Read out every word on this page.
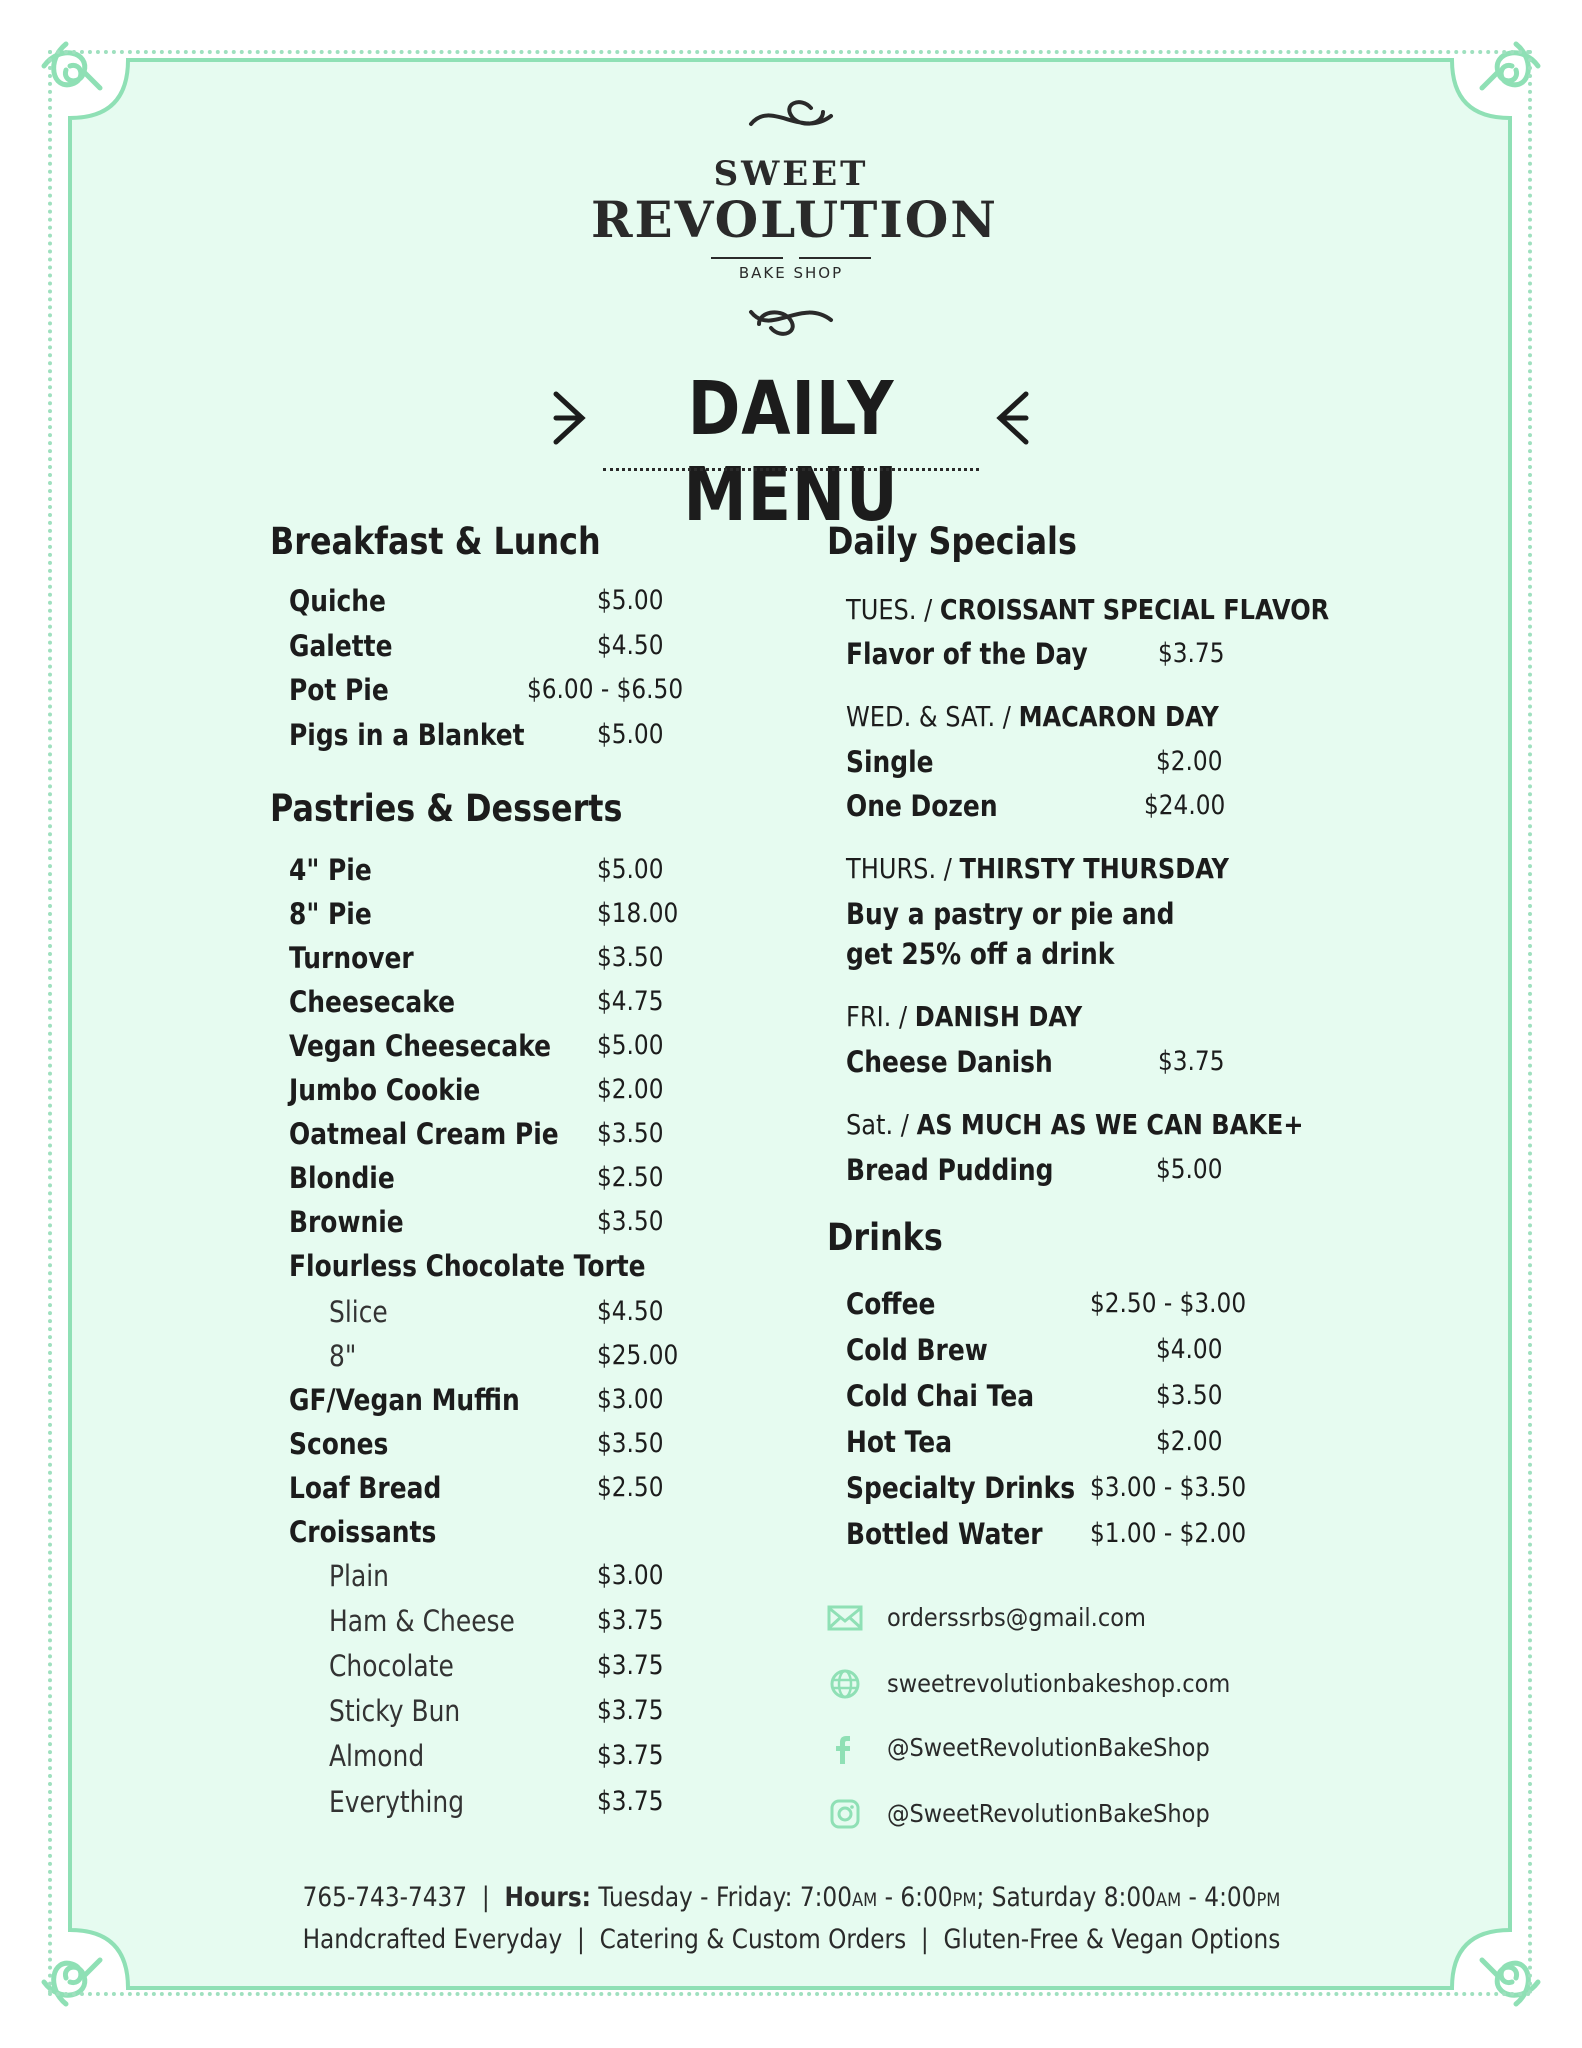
SWEET
REVOLUTION
BAKE SHOP
DAILY MENU
Breakfast & Lunch
Quiche	$5.00
Galette	$4.50
Pot Pie	$6.00 - $6.50
Pigs in a Blanket	$5.00
Pastries & Desserts
4" Pie	$5.00
8" Pie	$18.00
Turnover	$3.50
Cheesecake	$4.75
Vegan Cheesecake $5.00
Jumbo Cookie	$2.00
Oatmeal Cream Pie $3.50
Blondie	$2.50
Brownie	$3.50
Flourless Chocolate Torte
Slice	$4.50
8"	$25.00
GF/Vegan Muffin	$3.00
Scones	$3.50
Loaf Bread	$2.50
Croissants
Plain	$3.00
Ham & Cheese	$3.75
Chocolate	$3.75
Sticky Bun	$3.75
Almond	$3.75
Everything	$3.75
Daily Specials
TUES. / CROISSANT SPECIAL FLAVOR
Flavor of the Day	$3.75
WED. & SAT. / MACARON DAY
Single	$2.00
One Dozen	$24.00
THURS. / THIRSTY THURSDAY
Buy a pastry or pie and
get 25% off a drink
FRI. / DANISH DAY
Cheese Danish	$3.75
Sat. / AS MUCH AS WE CAN BAKE+
Bread Pudding	$5.00
Drinks
Coffee	$2.50 - $3.00
Cold Brew	$4.00
Cold Chai Tea	$3.50
Hot Tea	$2.00
Specialty Drinks $3.00 - $3.50
Bottled Water $1.00 - $2.00
orderssrbs@gmail.com
sweetrevolutionbakeshop.com
@SweetRevolutionBakeShop
@SweetRevolutionBakeShop
765-743-7437  |  Hours: Tuesday - Friday: 7:00AM - 6:00PM; Saturday 8:00AM - 4:00PM
Handcrafted Everyday  |  Catering & Custom Orders  |  Gluten-Free & Vegan Options
